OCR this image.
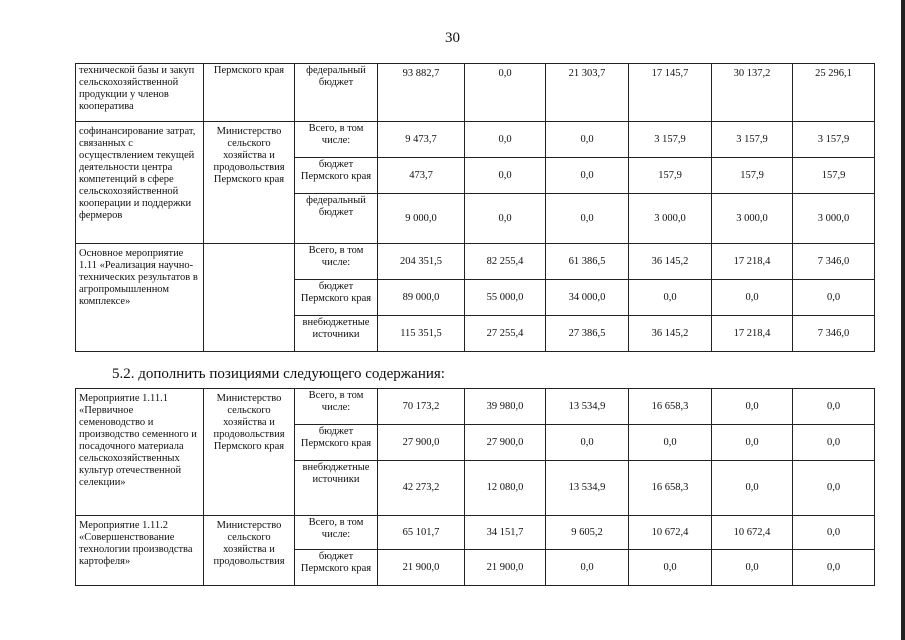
30
технической базы и закуп сельскохозяйственной продукции у членов кооператива	Пермского края	федеральный бюджет	93 882,7	0,0	21 303,7	17 145,7	30 137,2	25 296,1
софинансирование затрат, связанных с осуществлением текущей деятельности центра компетенций в сфере сельскохозяйственной кооперации и поддержки фермеров	Министерство сельского хозяйства и продовольствия Пермского края	Всего, в том числе:	9 473,7	0,0	0,0	3 157,9	3 157,9	3 157,9
		бюджет Пермского края	473,7	0,0	0,0	157,9	157,9	157,9
		федеральный бюджет	9 000,0	0,0	0,0	3 000,0	3 000,0	3 000,0
Основное мероприятие 1.11 «Реализация научно-технических результатов в агропромышленном комплексе»		Всего, в том числе:	204 351,5	82 255,4	61 386,5	36 145,2	17 218,4	7 346,0
		бюджет Пермского края	89 000,0	55 000,0	34 000,0	0,0	0,0	0,0
		внебюджетные источники	115 351,5	27 255,4	27 386,5	36 145,2	17 218,4	7 346,0
5.2. дополнить позициями следующего содержания:
Мероприятие 1.11.1 «Первичное семеноводство и производство семенного и посадочного материала сельскохозяйственных культур отечественной селекции»	Министерство сельского хозяйства и продовольствия Пермского края	Всего, в том числе:	70 173,2	39 980,0	13 534,9	16 658,3	0,0	0,0
		бюджет Пермского края	27 900,0	27 900,0	0,0	0,0	0,0	0,0
		внебюджетные источники	42 273,2	12 080,0	13 534,9	16 658,3	0,0	0,0
Мероприятие 1.11.2 «Совершенствование технологии производства картофеля»	Министерство сельского хозяйства и продовольствия	Всего, в том числе:	65 101,7	34 151,7	9 605,2	10 672,4	10 672,4	0,0
		бюджет Пермского края	21 900,0	21 900,0	0,0	0,0	0,0	0,0
